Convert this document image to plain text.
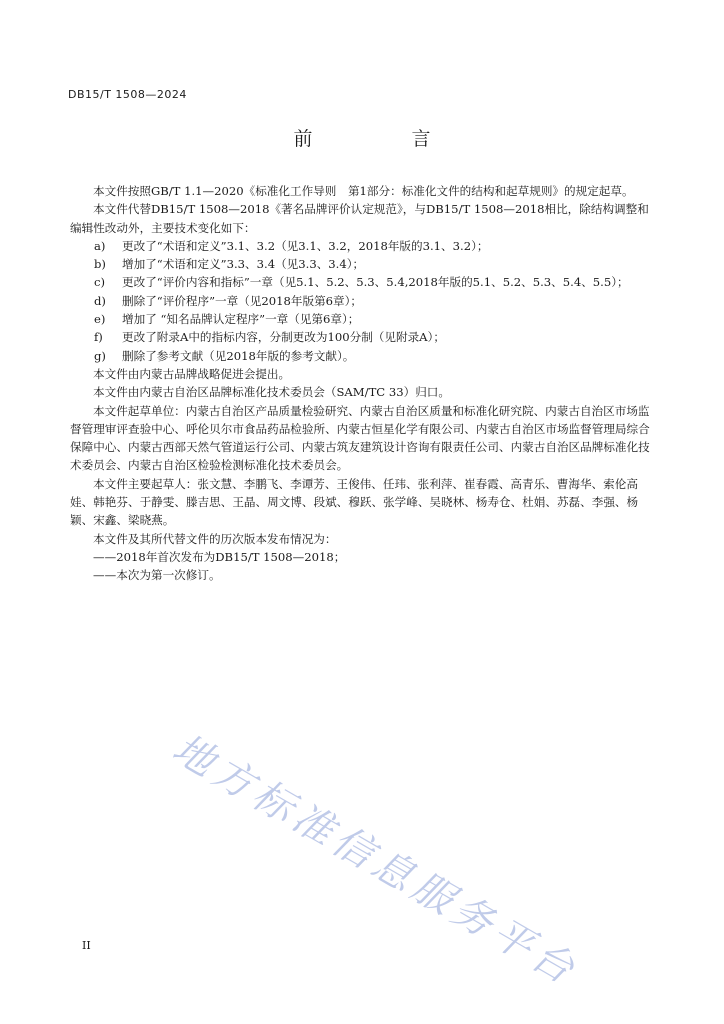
DB15/T 1508—2024
前　言

本文件按照GB/T 1.1—2020《标准化工作导则　第1部分：标准化文件的结构和起草规则》的规定起草。

本文件代替DB15/T 1508—2018《著名品牌评价认定规范》，与DB15/T 1508—2018相比，除结构调整和编辑性改动外，主要技术变化如下：

a) 更改了“术语和定义”3.1、3.2（见3.1、3.2，2018年版的3.1、3.2）；
b) 增加了“术语和定义”3.3、3.4（见3.3、3.4）；
c) 更改了“评价内容和指标”一章（见5.1、5.2、5.3、5.4,2018年版的5.1、5.2、5.3、5.4、5.5）；
d) 删除了“评价程序”一章（见2018年版第6章）；
e) 增加了 “知名品牌认定程序”一章（见第6章）；
f) 更改了附录A中的指标内容，分制更改为100分制（见附录A）；
g) 删除了参考文献（见2018年版的参考文献）。

本文件由内蒙古品牌战略促进会提出。

本文件由内蒙古自治区品牌标准化技术委员会（SAM/TC 33）归口。

本文件起草单位：内蒙古自治区产品质量检验研究、内蒙古自治区质量和标准化研究院、内蒙古自治区市场监督管理审评查验中心、呼伦贝尔市食品药品检验所、内蒙古恒星化学有限公司、内蒙古自治区市场监督管理局综合保障中心、内蒙古西部天然气管道运行公司、内蒙古筑友建筑设计咨询有限责任公司、内蒙古自治区品牌标准化技术委员会、内蒙古自治区检验检测标准化技术委员会。

本文件主要起草人：张文慧、李鹏飞、李谭芳、王俊伟、任玮、张利萍、崔春霞、高青乐、曹海华、索伦高娃、韩艳芬、于静雯、滕吉思、王晶、周文博、段斌、穆跃、张学峰、吴晓林、杨寿仓、杜娟、苏磊、李强、杨颖、宋鑫、梁晓燕。

本文件及其所代替文件的历次版本发布情况为：

——2018年首次发布为DB15/T 1508—2018；

——本次为第一次修订。

地方标准信息服务平台
II
